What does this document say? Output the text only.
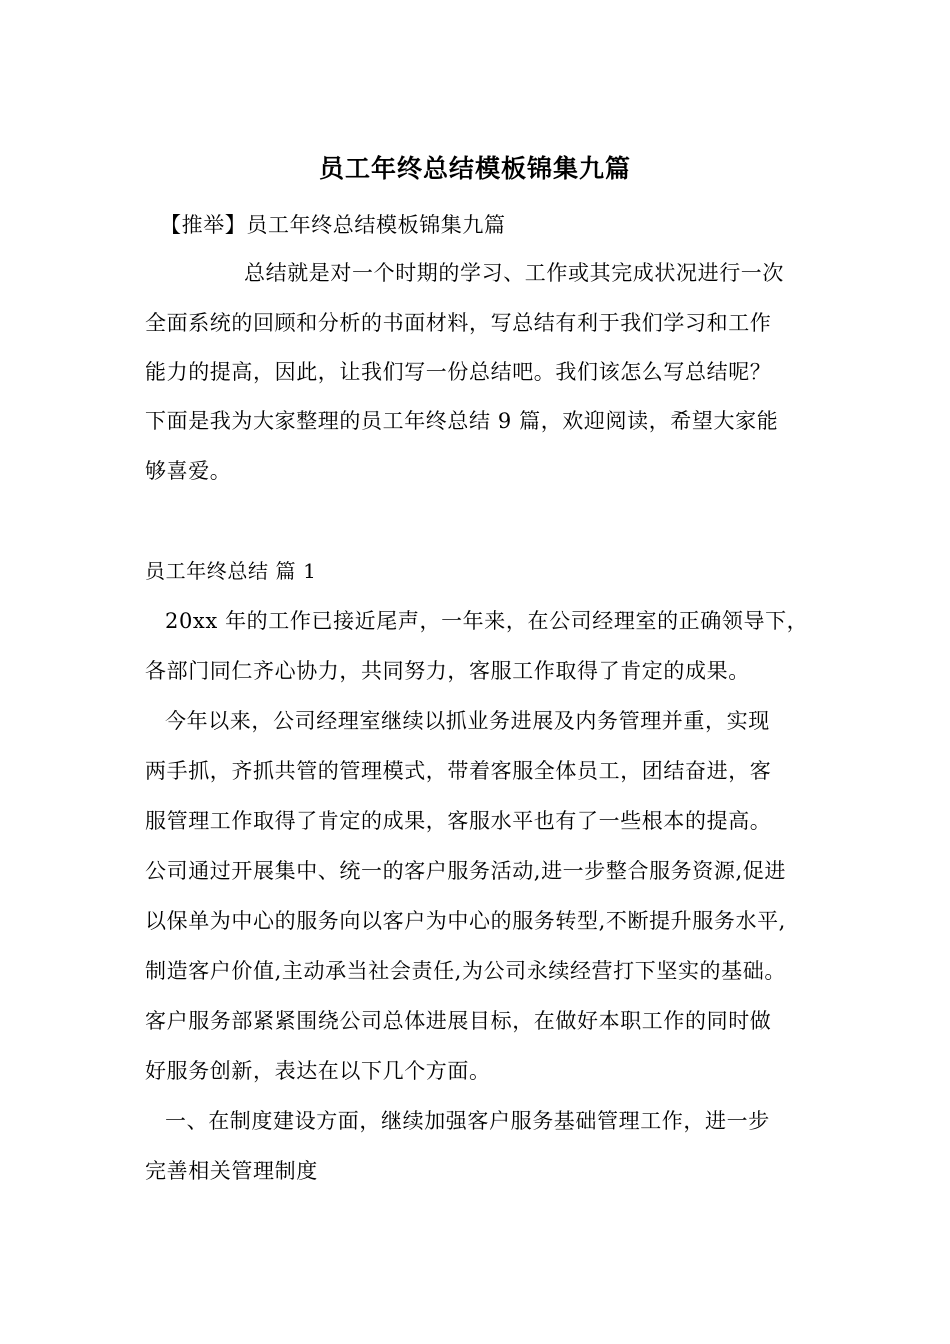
员工年终总结模板锦集九篇
【推举】员工年终总结模板锦集九篇
总结就是对一个时期的学习、工作或其完成状况进行一次
全面系统的回顾和分析的书面材料，写总结有利于我们学习和工作
能力的提高，因此，让我们写一份总结吧。我们该怎么写总结呢？
下面是我为大家整理的员工年终总结 9 篇，欢迎阅读，希望大家能
够喜爱。
员工年终总结 篇 1
20xx 年的工作已接近尾声，一年来，在公司经理室的正确领导下，
各部门同仁齐心协力，共同努力，客服工作取得了肯定的成果。
今年以来，公司经理室继续以抓业务进展及内务管理并重，实现
两手抓，齐抓共管的管理模式，带着客服全体员工，团结奋进，客
服管理工作取得了肯定的成果，客服水平也有了一些根本的提高。
公司通过开展集中、统一的客户服务活动,进一步整合服务资源,促进
以保单为中心的服务向以客户为中心的服务转型,不断提升服务水平,
制造客户价值,主动承当社会责任,为公司永续经营打下坚实的基础。
客户服务部紧紧围绕公司总体进展目标，在做好本职工作的同时做
好服务创新，表达在以下几个方面。
一、在制度建设方面，继续加强客户服务基础管理工作，进一步
完善相关管理制度
